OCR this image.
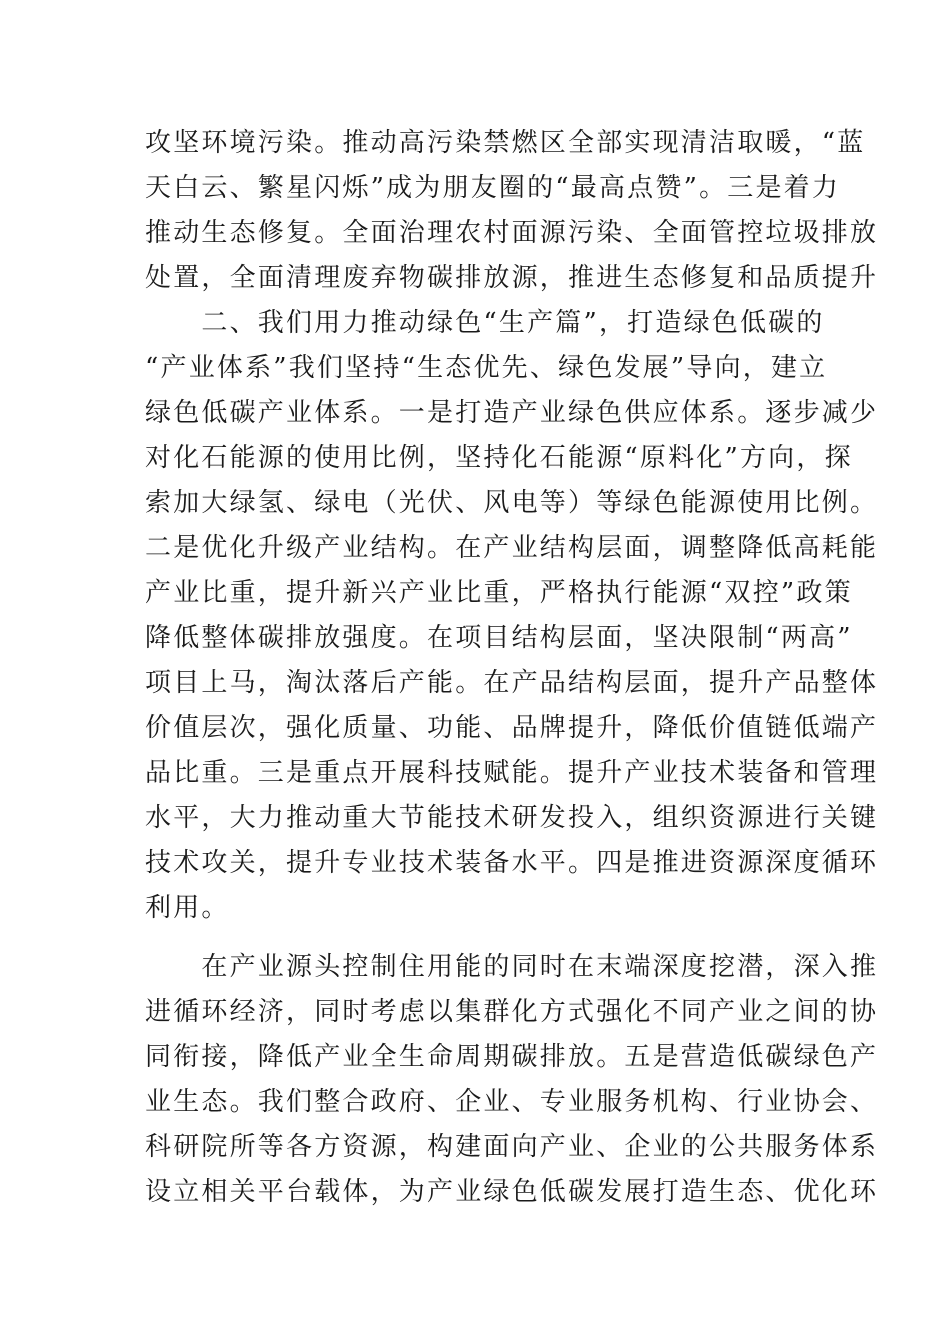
攻坚环境污染。推动高污染禁燃区全部实现清洁取暖，“蓝
天白云、繁星闪烁”成为朋友圈的“最高点赞”。三是着力
推动生态修复。全面治理农村面源污染、全面管控垃圾排放
处置，全面清理废弃物碳排放源，推进生态修复和品质提升
　　二、我们用力推动绿色“生产篇”，打造绿色低碳的
“产业体系”我们坚持“生态优先、绿色发展”导向，建立
绿色低碳产业体系。一是打造产业绿色供应体系。逐步减少
对化石能源的使用比例，坚持化石能源“原料化”方向，探
索加大绿氢、绿电（光伏、风电等）等绿色能源使用比例。
二是优化升级产业结构。在产业结构层面，调整降低高耗能
产业比重，提升新兴产业比重，严格执行能源“双控”政策
降低整体碳排放强度。在项目结构层面，坚决限制“两高”
项目上马，淘汰落后产能。在产品结构层面，提升产品整体
价值层次，强化质量、功能、品牌提升，降低价值链低端产
品比重。三是重点开展科技赋能。提升产业技术装备和管理
水平，大力推动重大节能技术研发投入，组织资源进行关键
技术攻关，提升专业技术装备水平。四是推进资源深度循环
利用。
　　在产业源头控制住用能的同时在末端深度挖潜，深入推
进循环经济，同时考虑以集群化方式强化不同产业之间的协
同衔接，降低产业全生命周期碳排放。五是营造低碳绿色产
业生态。我们整合政府、企业、专业服务机构、行业协会、
科研院所等各方资源，构建面向产业、企业的公共服务体系
设立相关平台载体，为产业绿色低碳发展打造生态、优化环
